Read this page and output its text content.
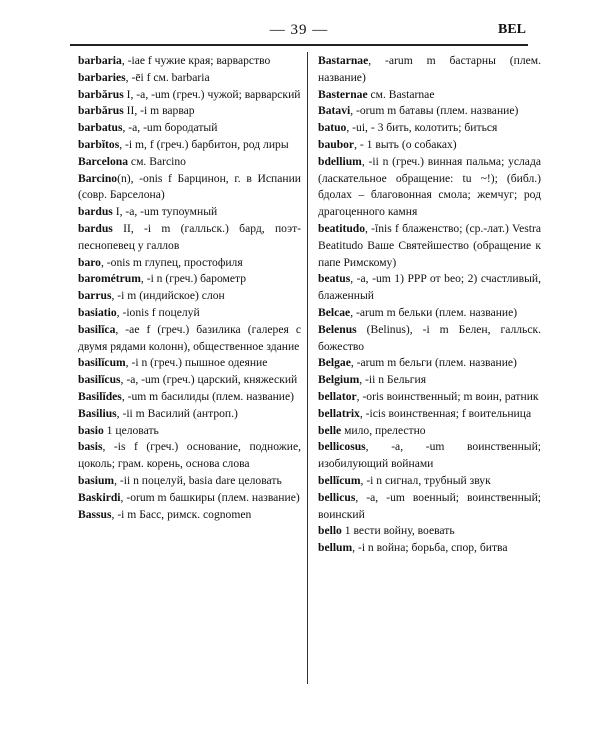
— 39 —	BEL

barbaria, -iae f чужие края; варварство

barbaries, -ēi f см. barbaria

barbărus I, -a, -um (греч.) чужой; варварский

barbărus II, -i m варвар

barbatus, -a, -um бородатый

barbĭtos, -i m, f (греч.) барбитон, род лиры

Barcelona см. Barcino

Barcino(n), -onis f Барцинон, г. в Испании (совр. Барселона)

bardus I, -a, -um тупоумный

bardus II, -i m (галльск.) бард, поэт-песнопевец у галлов

baro, -onis m глупец, простофиля

barométrum, -i n (греч.) барометр

barrus, -i m (индийское) слон

basiatio, -ionis f поцелуй

basilĭca, -ae f (греч.) базилика (галерея с двумя рядами колонн), общественное здание

basilĭcum, -i n (греч.) пышное одеяние

basilĭcus, -a, -um (греч.) царский, княжеский

Basilĭdes, -um m басилиды (плем. название)

Basilius, -ii m Василий (антроп.)

basio 1 целовать

basis, -is f (греч.) основание, подножие, цоколь; грам. корень, основа слова

basium, -ii n поцелуй, basia dare целовать

Baskirdi, -orum m башкиры (плем. название)

Bassus, -i m Басс, римск. cognomen

Bastarnae, -arum m бастарны (плем. название)

Basternae см. Bastarnae

Batavi, -orum m батавы (плем. название)

batuo, -ui, - 3 бить, колотить; биться

baubor, - 1 выть (о собаках)

bdellium, -ii n (греч.) винная пальма; услада (ласкательное обращение: tu ~!); (библ.) бдолах – благовонная смола; жемчуг; род драгоценного камня

beatitudo, -ĭnis f блаженство; (ср.-лат.) Vestra Beatitudo Ваше Святейшество (обращение к папе Римскому)

beatus, -a, -um 1) PPP от beo; 2) счастливый, блаженный

Belcae, -arum m бельки (плем. название)

Belenus (Belinus), -i m Белен, галльск. божество

Belgae, -arum m бельги (плем. название)

Belgium, -ii n Бельгия

bellator, -oris воинственный; m воин, ратник

bellatrix, -icis воинственная; f воительница

belle мило, прелестно

bellicosus, -a, -um воинственный; изобилующий войнами

bellĭcum, -i n сигнал, трубный звук

bellicus, -a, -um военный; воинственный; воинский

bello 1 вести войну, воевать

bellum, -i n война; борьба, спор, битва
